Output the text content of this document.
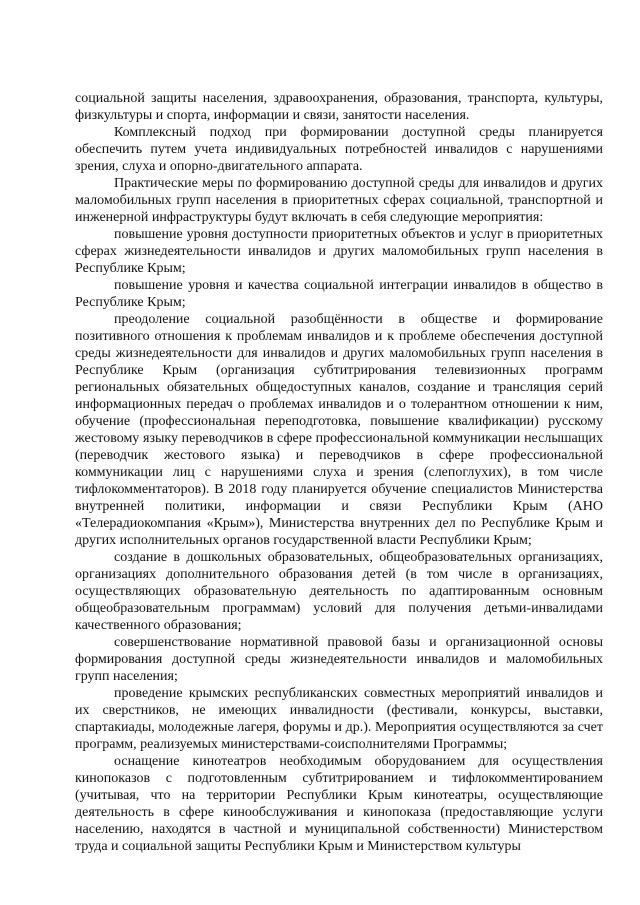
социальной защиты населения, здравоохранения, образования, транспорта, культуры, физкультуры и спорта, информации и связи, занятости населения.

Комплексный подход при формировании доступной среды планируется обеспечить путем учета индивидуальных потребностей инвалидов с нарушениями зрения, слуха и опорно-двигательного аппарата.

Практические меры по формированию доступной среды для инвалидов и других маломобильных групп населения в приоритетных сферах социальной, транспортной и инженерной инфраструктуры будут включать в себя следующие мероприятия:

повышение уровня доступности приоритетных объектов и услуг в приоритетных сферах жизнедеятельности инвалидов и других маломобильных групп населения в Республике Крым;

повышение уровня и качества социальной интеграции инвалидов в общество в Республике Крым;

преодоление социальной разобщённости в обществе и формирование позитивного отношения к проблемам инвалидов и к проблеме обеспечения доступной среды жизнедеятельности для инвалидов и других маломобильных групп населения в Республике Крым (организация субтитрирования телевизионных программ региональных обязательных общедоступных каналов, создание и трансляция серий информационных передач о проблемах инвалидов и о толерантном отношении к ним, обучение (профессиональная переподготовка, повышение квалификации) русскому жестовому языку переводчиков в сфере профессиональной коммуникации неслышащих (переводчик жестового языка) и переводчиков в сфере профессиональной коммуникации лиц с нарушениями слуха и зрения (слепоглухих), в том числе тифлокомментаторов). В 2018 году планируется обучение специалистов Министерства внутренней политики, информации и связи Республики Крым (АНО «Телерадиокомпания «Крым»), Министерства внутренних дел по Республике Крым и других исполнительных органов государственной власти Республики Крым;

создание в дошкольных образовательных, общеобразовательных организациях, организациях дополнительного образования детей (в том числе в организациях, осуществляющих образовательную деятельность по адаптированным основным общеобразовательным программам) условий для получения детьми-инвалидами качественного образования;

совершенствование нормативной правовой базы и организационной основы формирования доступной среды жизнедеятельности инвалидов и маломобильных групп населения;

проведение крымских республиканских совместных мероприятий инвалидов и их сверстников, не имеющих инвалидности (фестивали, конкурсы, выставки, спартакиады, молодежные лагеря, форумы и др.). Мероприятия осуществляются за счет программ, реализуемых министерствами-соисполнителями Программы;

оснащение кинотеатров необходимым оборудованием для осуществления кинопоказов с подготовленным субтитрированием и тифлокомментированием (учитывая, что на территории Республики Крым кинотеатры, осуществляющие деятельность в сфере кинообслуживания и кинопоказа (предоставляющие услуги населению, находятся в частной и муниципальной собственности) Министерством труда и социальной защиты Республики Крым и Министерством культуры
